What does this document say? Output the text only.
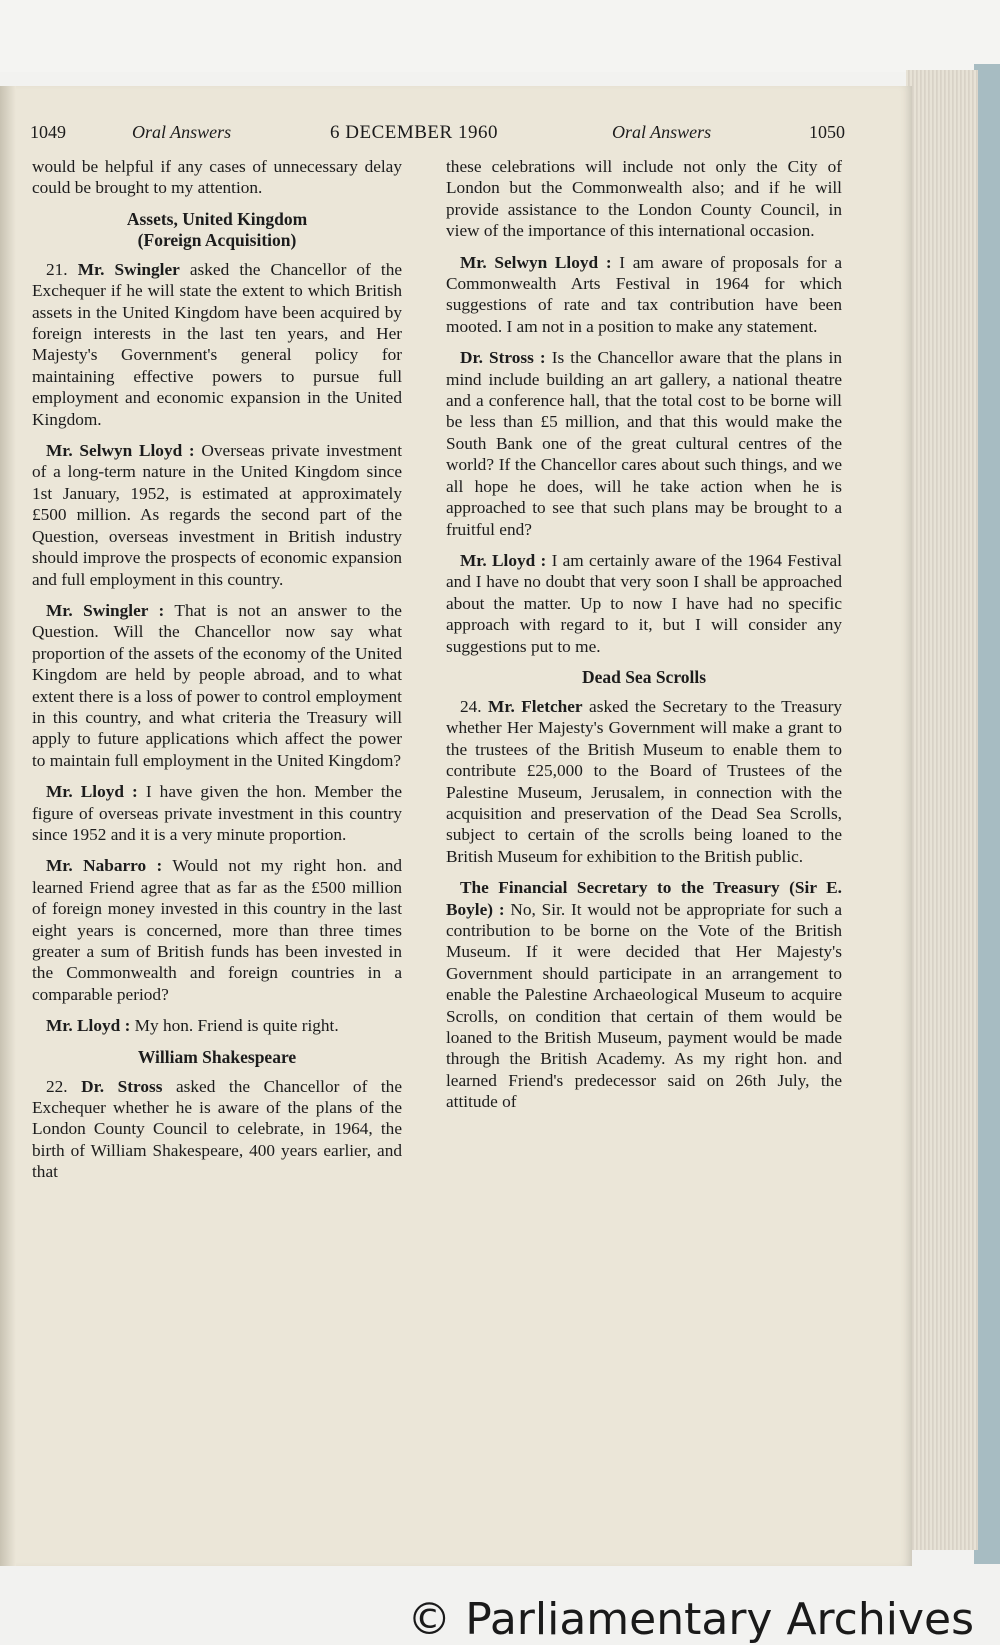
1049	Oral Answers	6 DECEMBER 1960	Oral Answers	1050

would be helpful if any cases of unnecessary delay could be brought to my attention.

Assets, United Kingdom
(Foreign Acquisition)

21. Mr. Swingler asked the Chancellor of the Exchequer if he will state the extent to which British assets in the United Kingdom have been acquired by foreign interests in the last ten years, and Her Majesty's Government's general policy for maintaining effective powers to pursue full employment and economic expansion in the United Kingdom.

Mr. Selwyn Lloyd : Overseas private investment of a long-term nature in the United Kingdom since 1st January, 1952, is estimated at approximately £500 million. As regards the second part of the Question, overseas investment in British industry should improve the prospects of economic expansion and full employment in this country.

Mr. Swingler : That is not an answer to the Question. Will the Chancellor now say what proportion of the assets of the economy of the United Kingdom are held by people abroad, and to what extent there is a loss of power to control employment in this country, and what criteria the Treasury will apply to future applications which affect the power to maintain full employment in the United Kingdom?

Mr. Lloyd : I have given the hon. Member the figure of overseas private investment in this country since 1952 and it is a very minute proportion.

Mr. Nabarro : Would not my right hon. and learned Friend agree that as far as the £500 million of foreign money invested in this country in the last eight years is concerned, more than three times greater a sum of British funds has been invested in the Commonwealth and foreign countries in a comparable period?

Mr. Lloyd : My hon. Friend is quite right.

William Shakespeare

22. Dr. Stross asked the Chancellor of the Exchequer whether he is aware of the plans of the London County Council to celebrate, in 1964, the birth of William Shakespeare, 400 years earlier, and that

these celebrations will include not only the City of London but the Commonwealth also; and if he will provide assistance to the London County Council, in view of the importance of this international occasion.

Mr. Selwyn Lloyd : I am aware of proposals for a Commonwealth Arts Festival in 1964 for which suggestions of rate and tax contribution have been mooted. I am not in a position to make any statement.

Dr. Stross : Is the Chancellor aware that the plans in mind include building an art gallery, a national theatre and a conference hall, that the total cost to be borne will be less than £5 million, and that this would make the South Bank one of the great cultural centres of the world? If the Chancellor cares about such things, and we all hope he does, will he take action when he is approached to see that such plans may be brought to a fruitful end?

Mr. Lloyd : I am certainly aware of the 1964 Festival and I have no doubt that very soon I shall be approached about the matter. Up to now I have had no specific approach with regard to it, but I will consider any suggestions put to me.

Dead Sea Scrolls

24. Mr. Fletcher asked the Secretary to the Treasury whether Her Majesty's Government will make a grant to the trustees of the British Museum to enable them to contribute £25,000 to the Board of Trustees of the Palestine Museum, Jerusalem, in connection with the acquisition and preservation of the Dead Sea Scrolls, subject to certain of the scrolls being loaned to the British Museum for exhibition to the British public.

The Financial Secretary to the Treasury (Sir E. Boyle) : No, Sir. It would not be appropriate for such a contribution to be borne on the Vote of the British Museum. If it were decided that Her Majesty's Government should participate in an arrangement to enable the Palestine Archaeological Museum to acquire Scrolls, on condition that certain of them would be loaned to the British Museum, payment would be made through the British Academy. As my right hon. and learned Friend's predecessor said on 26th July, the attitude of

© Parliamentary Archives
